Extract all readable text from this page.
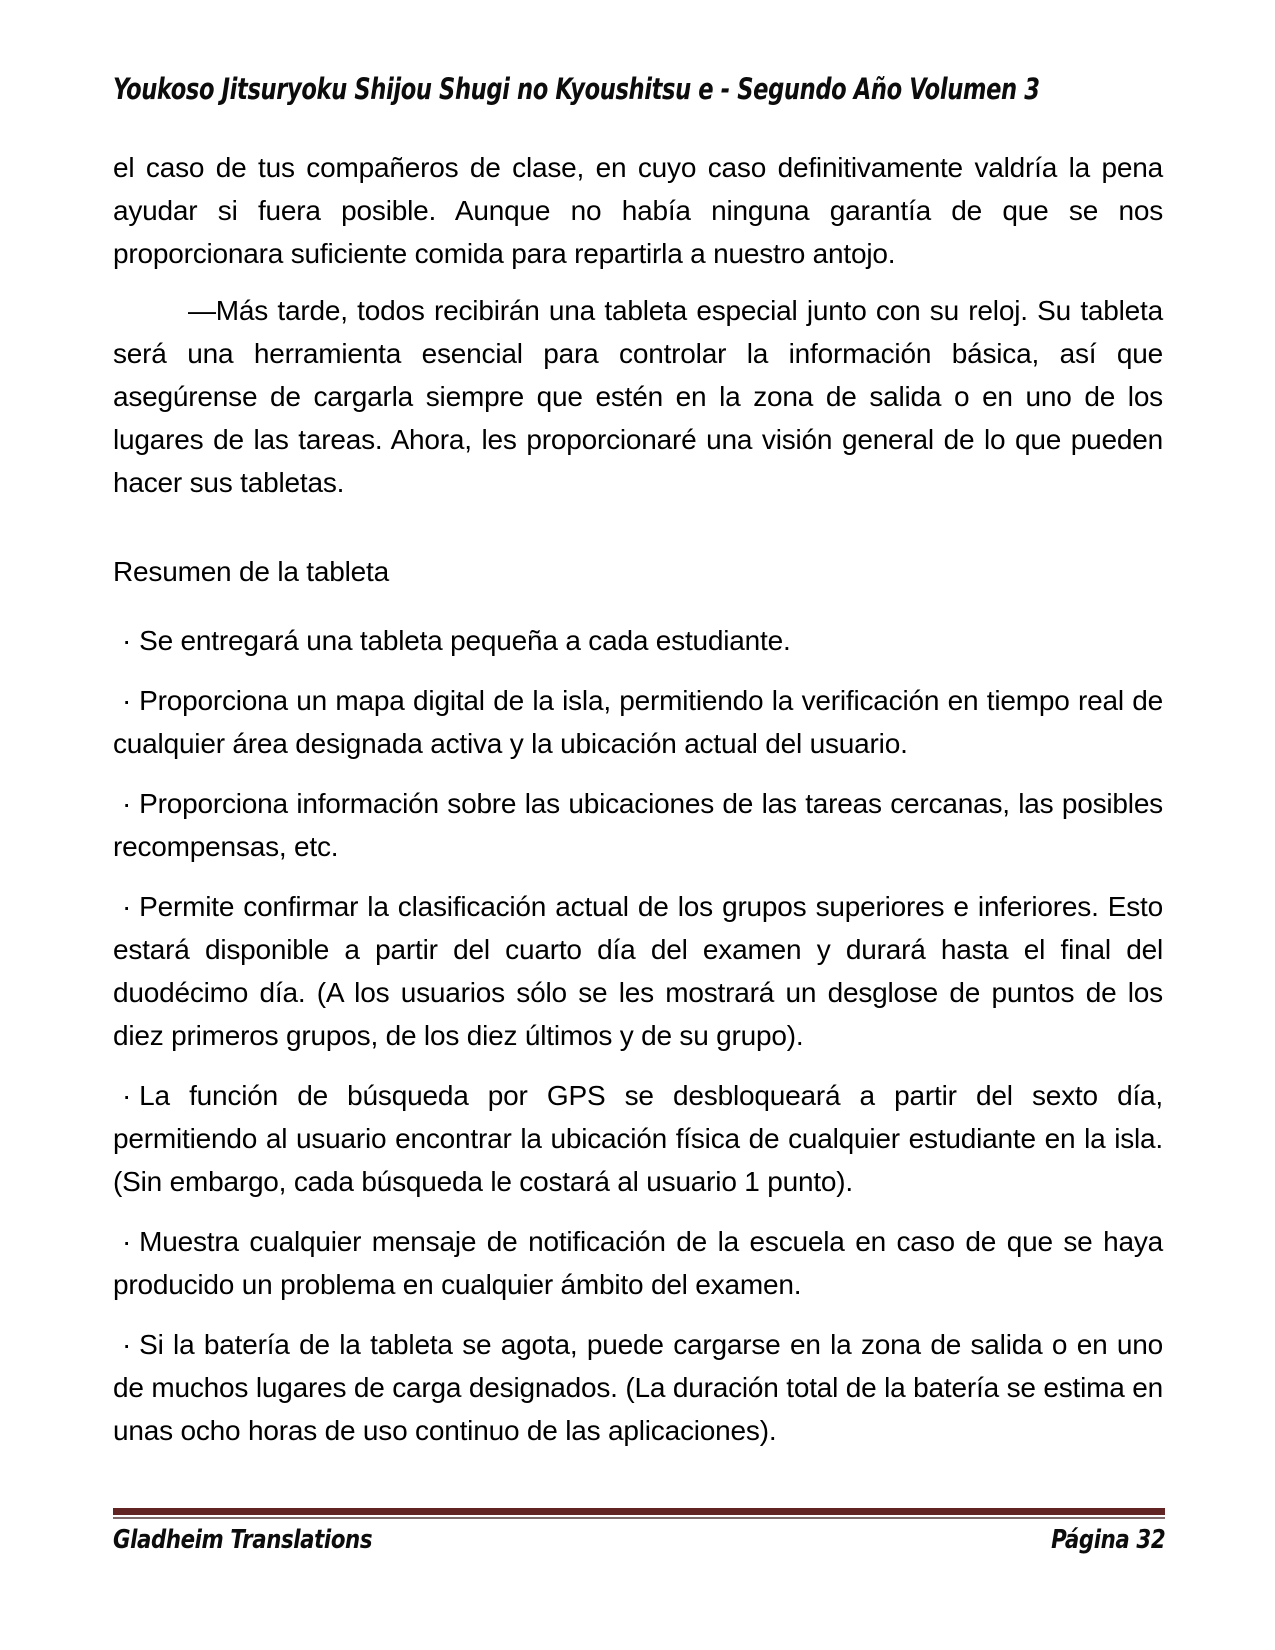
Youkoso Jitsuryoku Shijou Shugi no Kyoushitsu e - Segundo Año Volumen 3

el caso de tus compañeros de clase, en cuyo caso definitivamente valdría la pena ayudar si fuera posible. Aunque no había ninguna garantía de que se nos proporcionara suficiente comida para repartirla a nuestro antojo.

—Más tarde, todos recibirán una tableta especial junto con su reloj. Su tableta será una herramienta esencial para controlar la información básica, así que asegúrense de cargarla siempre que estén en la zona de salida o en uno de los lugares de las tareas. Ahora, les proporcionaré una visión general de lo que pueden hacer sus tabletas.

Resumen de la tableta

· Se entregará una tableta pequeña a cada estudiante.

· Proporciona un mapa digital de la isla, permitiendo la verificación en tiempo real de cualquier área designada activa y la ubicación actual del usuario.

· Proporciona información sobre las ubicaciones de las tareas cercanas, las posibles recompensas, etc.

· Permite confirmar la clasificación actual de los grupos superiores e inferiores. Esto estará disponible a partir del cuarto día del examen y durará hasta el final del duodécimo día. (A los usuarios sólo se les mostrará un desglose de puntos de los diez primeros grupos, de los diez últimos y de su grupo).

· La función de búsqueda por GPS se desbloqueará a partir del sexto día, permitiendo al usuario encontrar la ubicación física de cualquier estudiante en la isla. (Sin embargo, cada búsqueda le costará al usuario 1 punto).

· Muestra cualquier mensaje de notificación de la escuela en caso de que se haya producido un problema en cualquier ámbito del examen.

· Si la batería de la tableta se agota, puede cargarse en la zona de salida o en uno de muchos lugares de carga designados. (La duración total de la batería se estima en unas ocho horas de uso continuo de las aplicaciones).

Gladheim Translations	Página 32
